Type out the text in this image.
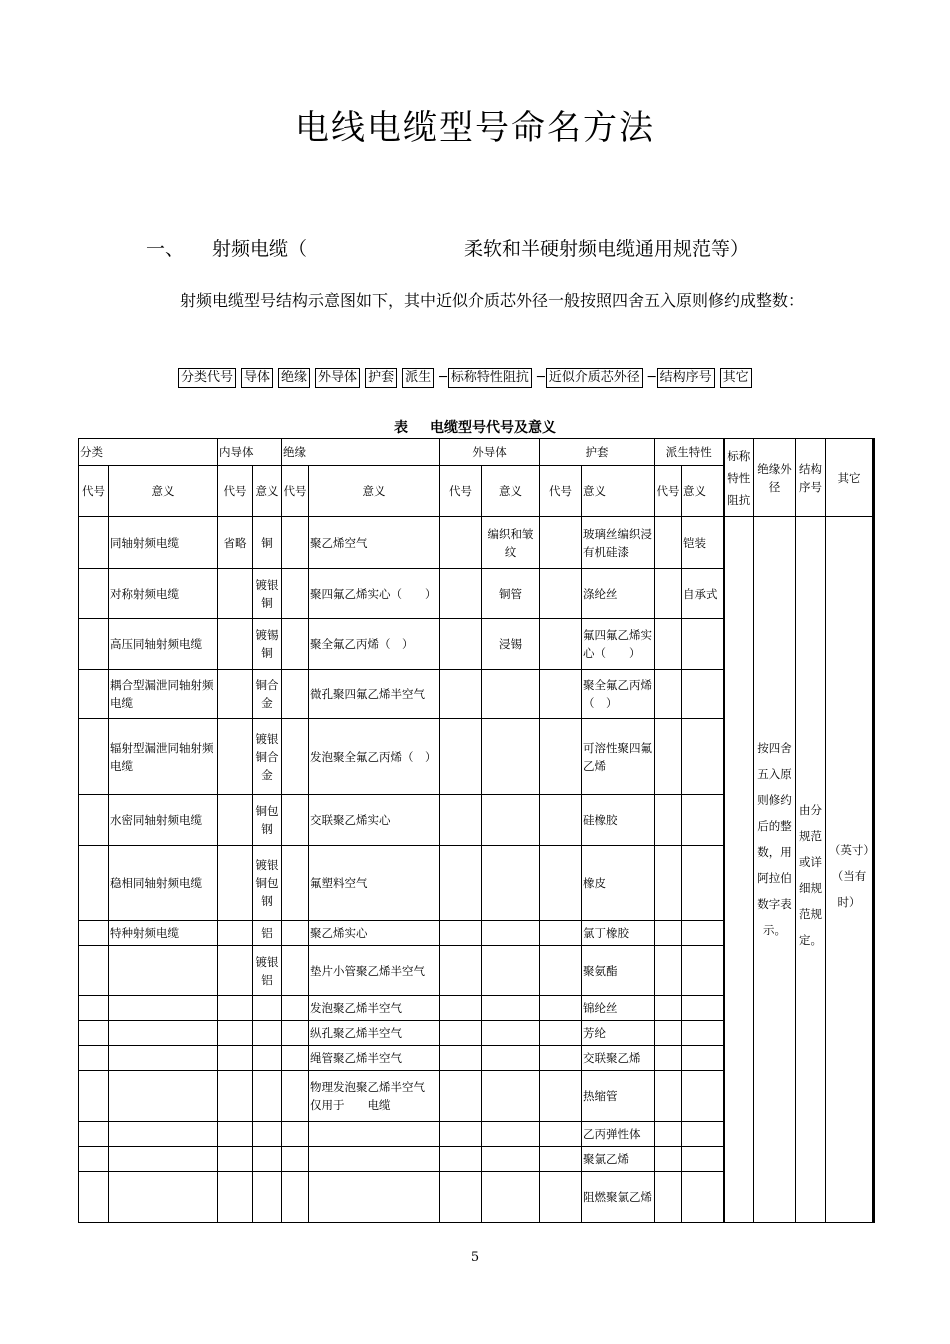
电线电缆型号命名方法
一、 射频电缆（	柔软和半硬射频电缆通用规范等）
射频电缆型号结构示意图如下，其中近似介质芯外径一般按照四舍五入原则修约成整数：
分类代号 导体 绝缘 外导体 护套 派生 ─ 标称特性阻抗 ─ 近似介质芯外径 ─ 结构序号 其它
表 电缆型号代号及意义
分类		内导体		绝缘		外导体		护套		派生特性		标称特性阻抗	绝缘外径	结构序号	其它
代号	意义	代号	意义	代号	意义	代号	意义	代号	意义	代号	意义				
	同轴射频电缆	省略	铜		聚乙烯空气		编织和皱纹		玻璃丝编织浸有机硅漆		铠装		按四舍五入原则修约后的整数，用阿拉伯数字表示。	由分规范或详细规范规定。	（英寸）（当有时）
	对称射频电缆		镀银铜		聚四氟乙烯实心（　　）		铜管		涤纶丝		自承式				
	高压同轴射频电缆		镀锡铜		聚全氟乙丙烯（　）		浸锡		氟四氟乙烯实心（　　）						
	耦合型漏泄同轴射频电缆		铜合金		微孔聚四氟乙烯半空气				聚全氟乙丙烯（　）						
	辐射型漏泄同轴射频电缆		镀银铜合金		发泡聚全氟乙丙烯（　）				可溶性聚四氟乙烯						
	水密同轴射频电缆		铜包钢		交联聚乙烯实心				硅橡胶						
	稳相同轴射频电缆		镀银铜包钢		氟塑料空气				橡皮						
	特种射频电缆		铝		聚乙烯实心				氯丁橡胶						
			镀银铝		垫片小管聚乙烯半空气				聚氨酯						
					发泡聚乙烯半空气				锦纶丝						
					纵孔聚乙烯半空气				芳纶						
					绳管聚乙烯半空气				交联聚乙烯						
					物理发泡聚乙烯半空气 仅用于　　电缆				热缩管						
									乙丙弹性体						
									聚氯乙烯						
									阻燃聚氯乙烯						
5
